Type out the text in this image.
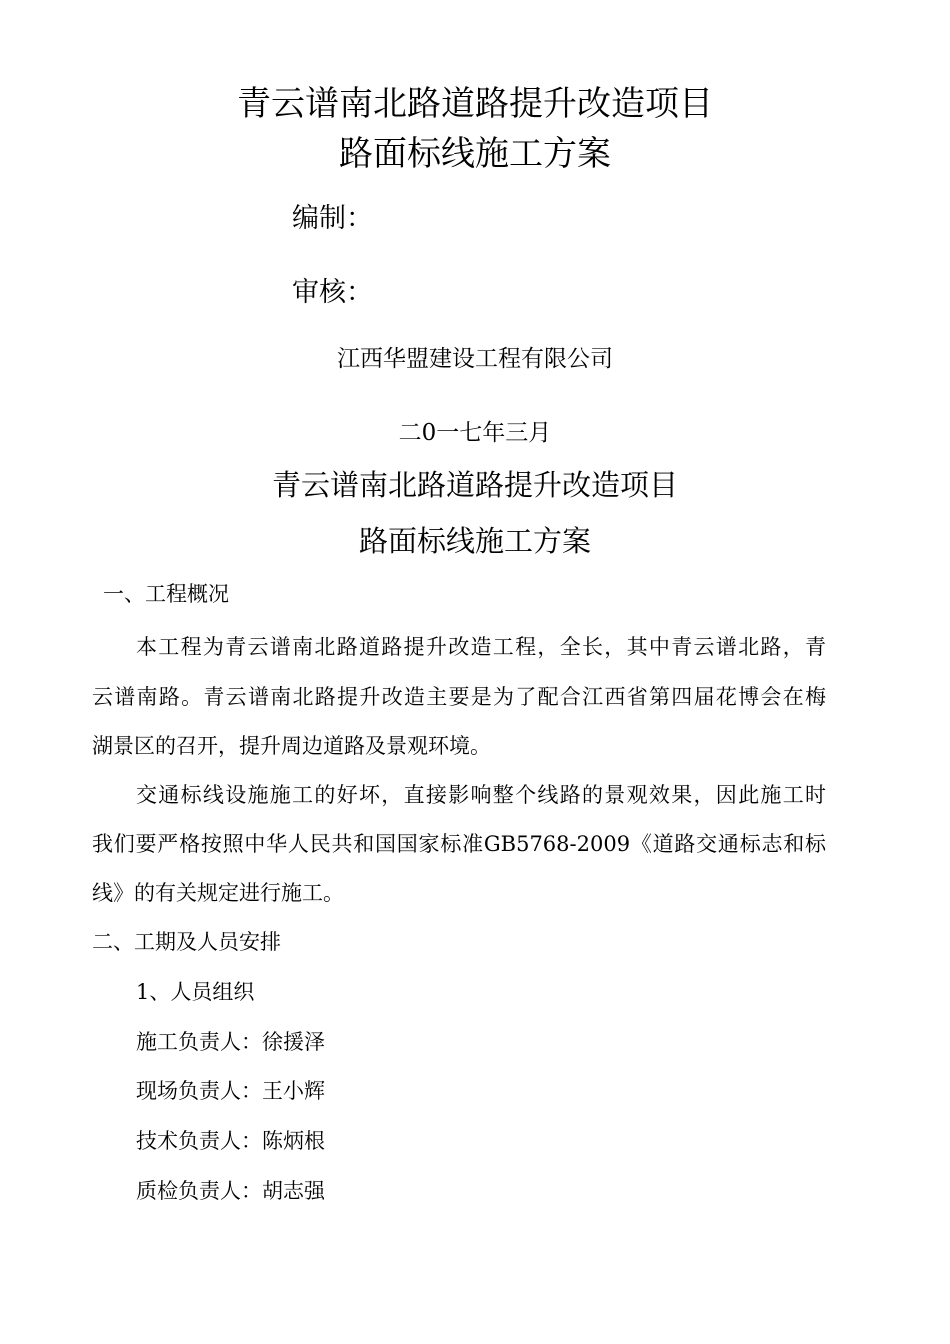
青云谱南北路道路提升改造项目
路面标线施工方案
编制：
审核：
江西华盟建设工程有限公司
二0一七年三月
青云谱南北路道路提升改造项目
路面标线施工方案
一、工程概况
本工程为青云谱南北路道路提升改造工程，全长，其中青云谱北路，青
云谱南路。青云谱南北路提升改造主要是为了配合江西省第四届花博会在梅
湖景区的召开，提升周边道路及景观环境。
交通标线设施施工的好坏，直接影响整个线路的景观效果，因此施工时
我们要严格按照中华人民共和国国家标准GB5768-2009《道路交通标志和标
线》的有关规定进行施工。
二、工期及人员安排
1、人员组织
施工负责人：徐援泽
现场负责人：王小辉
技术负责人：陈炳根
质检负责人：胡志强
